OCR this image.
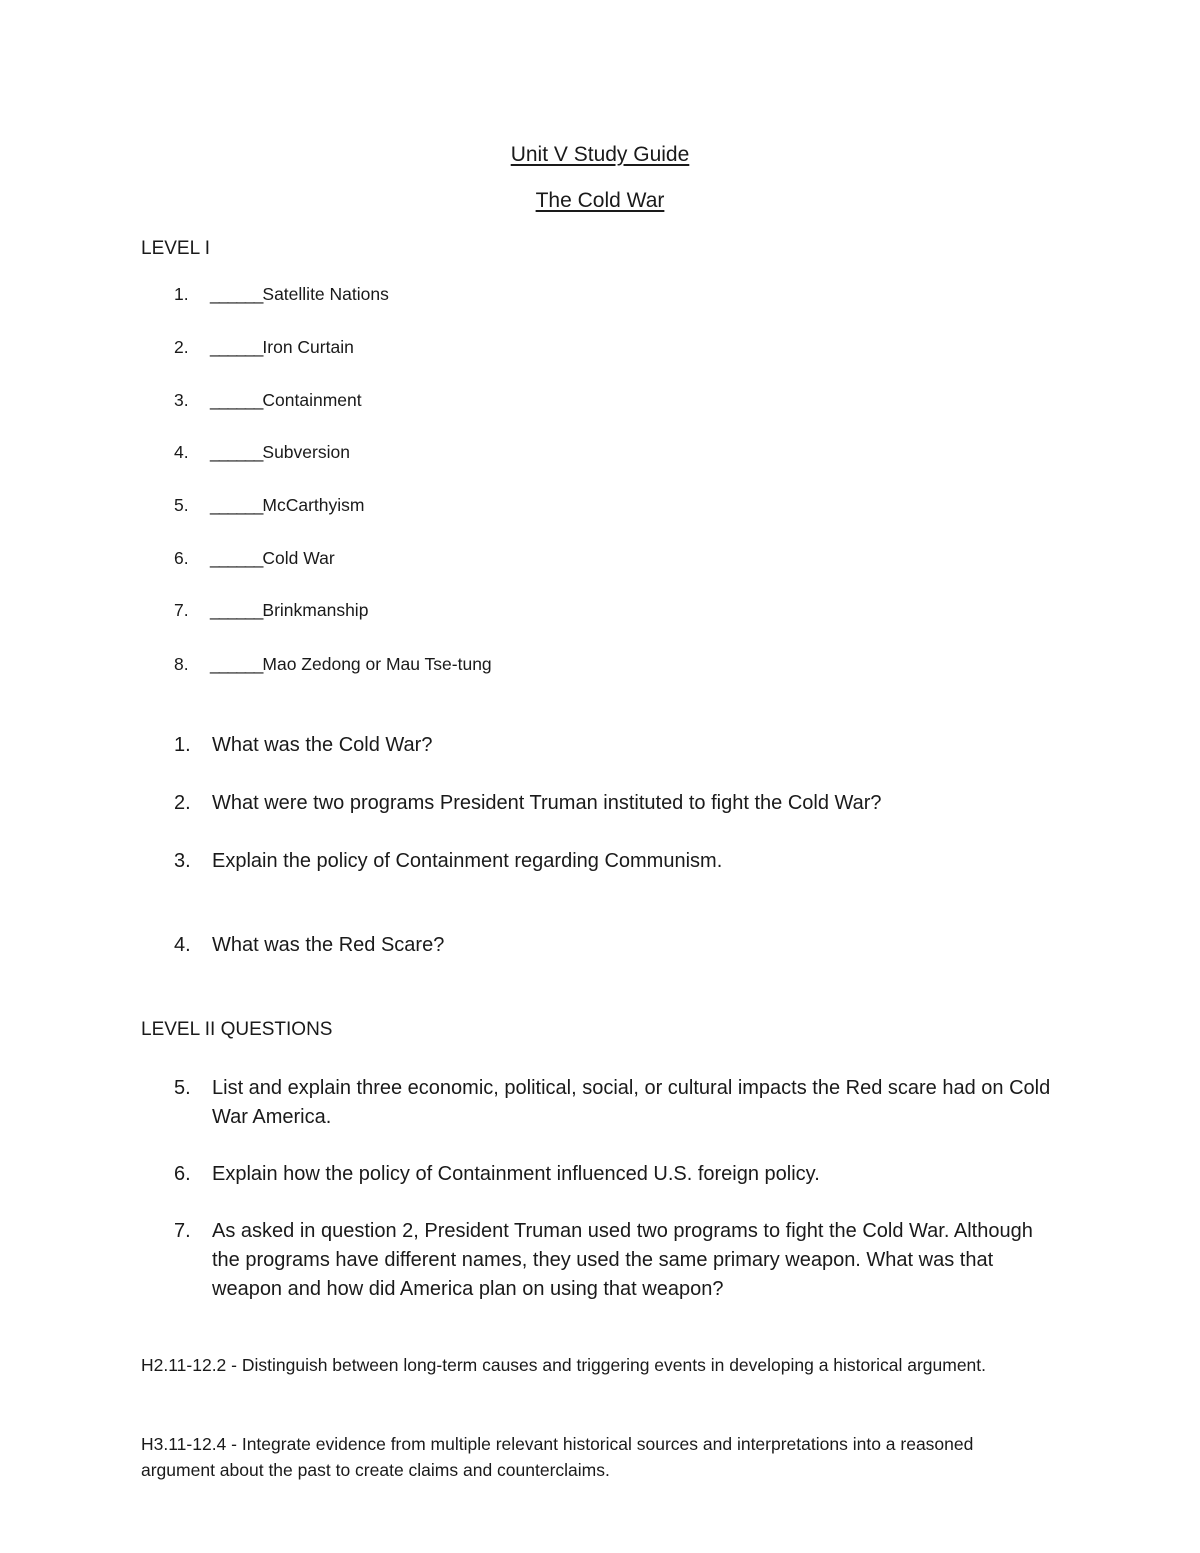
Unit V Study Guide
The Cold War
LEVEL I
1. ______Satellite Nations
2. ______Iron Curtain
3. ______Containment
4. ______Subversion
5. ______McCarthyism
6. ______Cold War
7. ______Brinkmanship
8. ______Mao Zedong or Mau Tse-tung
1.	What was the Cold War?
2.	What were two programs President Truman instituted to fight the Cold War?
3.	Explain the policy of Containment regarding Communism.
4.	What was the Red Scare?
LEVEL II QUESTIONS
5.	List and explain three economic, political, social, or cultural impacts the Red scare had on Cold War America.
6.	Explain how the policy of Containment influenced U.S. foreign policy.
7.	As asked in question 2, President Truman used two programs to fight the Cold War. Although the programs have different names, they used the same primary weapon. What was that weapon and how did America plan on using that weapon?
H2.11-12.2 - Distinguish between long-term causes and triggering events in developing a historical argument.
H3.11-12.4 - Integrate evidence from multiple relevant historical sources and interpretations into a reasoned argument about the past to create claims and counterclaims.
